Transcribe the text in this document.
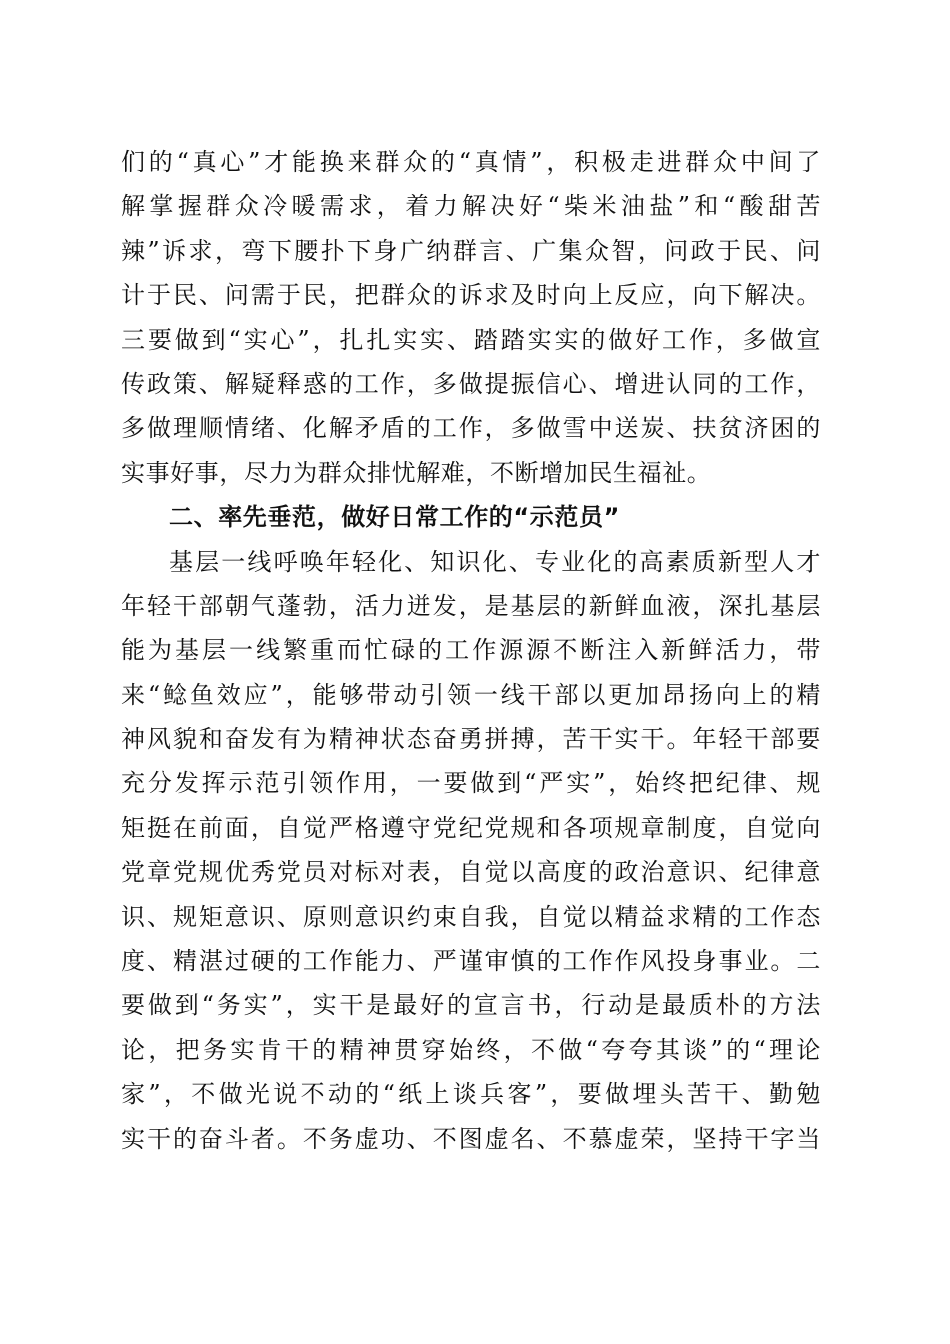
们的“真心”才能换来群众的“真情”，积极走进群众中间了
解掌握群众冷暖需求，着力解决好“柴米油盐”和“酸甜苦
辣”诉求，弯下腰扑下身广纳群言、广集众智，问政于民、问
计于民、问需于民，把群众的诉求及时向上反应，向下解决。
三要做到“实心”，扎扎实实、踏踏实实的做好工作，多做宣
传政策、解疑释惑的工作，多做提振信心、增进认同的工作，
多做理顺情绪、化解矛盾的工作，多做雪中送炭、扶贫济困的
实事好事，尽力为群众排忧解难，不断增加民生福祉。
二、率先垂范，做好日常工作的“示范员”
基层一线呼唤年轻化、知识化、专业化的高素质新型人才
年轻干部朝气蓬勃，活力迸发，是基层的新鲜血液，深扎基层
能为基层一线繁重而忙碌的工作源源不断注入新鲜活力，带
来“鲶鱼效应”，能够带动引领一线干部以更加昂扬向上的精
神风貌和奋发有为精神状态奋勇拼搏，苦干实干。年轻干部要
充分发挥示范引领作用，一要做到“严实”，始终把纪律、规
矩挺在前面，自觉严格遵守党纪党规和各项规章制度，自觉向
党章党规优秀党员对标对表，自觉以高度的政治意识、纪律意
识、规矩意识、原则意识约束自我，自觉以精益求精的工作态
度、精湛过硬的工作能力、严谨审慎的工作作风投身事业。二
要做到“务实”，实干是最好的宣言书，行动是最质朴的方法
论，把务实肯干的精神贯穿始终，不做“夸夸其谈”的“理论
家”，不做光说不动的“纸上谈兵客”，要做埋头苦干、勤勉
实干的奋斗者。不务虚功、不图虚名、不慕虚荣，坚持干字当
